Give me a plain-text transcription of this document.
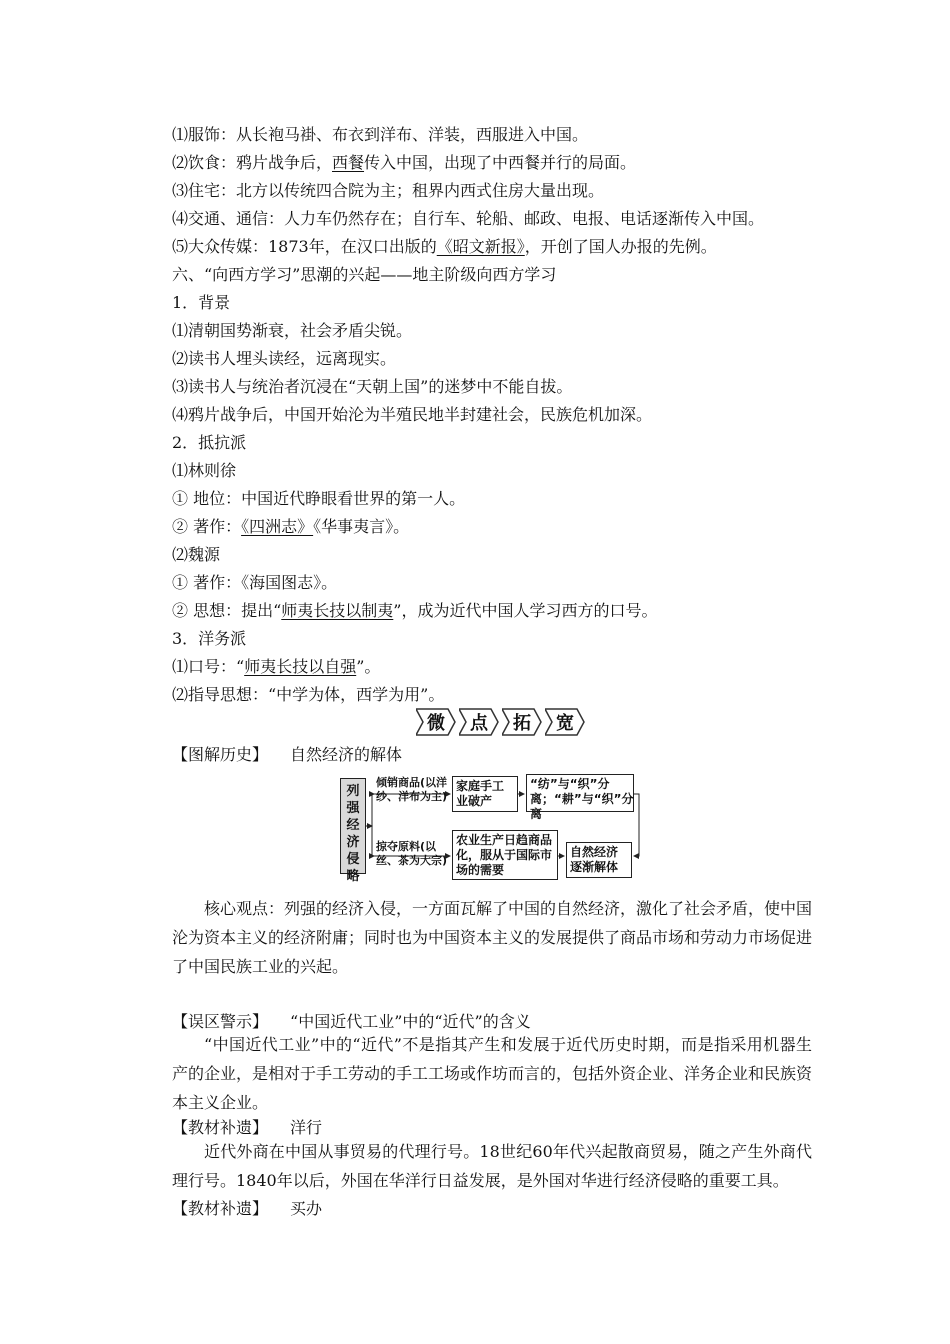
⑴服饰：从长袍马褂、布衣到洋布、洋装，西服进入中国。
⑵饮食：鸦片战争后，西餐传入中国，出现了中西餐并行的局面。
⑶住宅：北方以传统四合院为主；租界内西式住房大量出现。
⑷交通、通信：人力车仍然存在；自行车、轮船、邮政、电报、电话逐渐传入中国。
⑸大众传媒：1873年，在汉口出版的《昭文新报》，开创了国人办报的先例。
六、“向西方学习”思潮的兴起——地主阶级向西方学习
1．背景
⑴清朝国势渐衰，社会矛盾尖锐。
⑵读书人埋头读经，远离现实。
⑶读书人与统治者沉浸在“天朝上国”的迷梦中不能自拔。
⑷鸦片战争后，中国开始沦为半殖民地半封建社会，民族危机加深。
2．抵抗派
⑴林则徐
① 地位：中国近代睁眼看世界的第一人。
② 著作：《四洲志》《华事夷言》。
⑵魏源
① 著作：《海国图志》。
② 思想：提出“师夷长技以制夷”，成为近代中国人学习西方的口号。
3．洋务派
⑴口号：“师夷长技以自强”。
⑵指导思想：“中学为体，西学为用”。
微 点 拓 宽
【图解历史】 自然经济的解体
列强经济侵略
倾销商品(以洋纱、洋布为主)
掠夺原料(以丝、茶为大宗)
家庭手工业破产
“纺”与“织”分离；“耕”与“织”分离
农业生产日趋商品化，服从于国际市场的需要
自然经济逐渐解体
核心观点：列强的经济入侵，一方面瓦解了中国的自然经济，激化了社会矛盾，使中国沦为资本主义的经济附庸；同时也为中国资本主义的发展提供了商品市场和劳动力市场促进了中国民族工业的兴起。
【误区警示】 “中国近代工业”中的“近代”的含义
“中国近代工业”中的“近代”不是指其产生和发展于近代历史时期，而是指采用机器生产的企业，是相对于手工劳动的手工工场或作坊而言的，包括外资企业、洋务企业和民族资本主义企业。
【教材补遗】 洋行
近代外商在中国从事贸易的代理行号。18世纪60年代兴起散商贸易，随之产生外商代理行号。1840年以后，外国在华洋行日益发展，是外国对华进行经济侵略的重要工具。
【教材补遗】 买办
